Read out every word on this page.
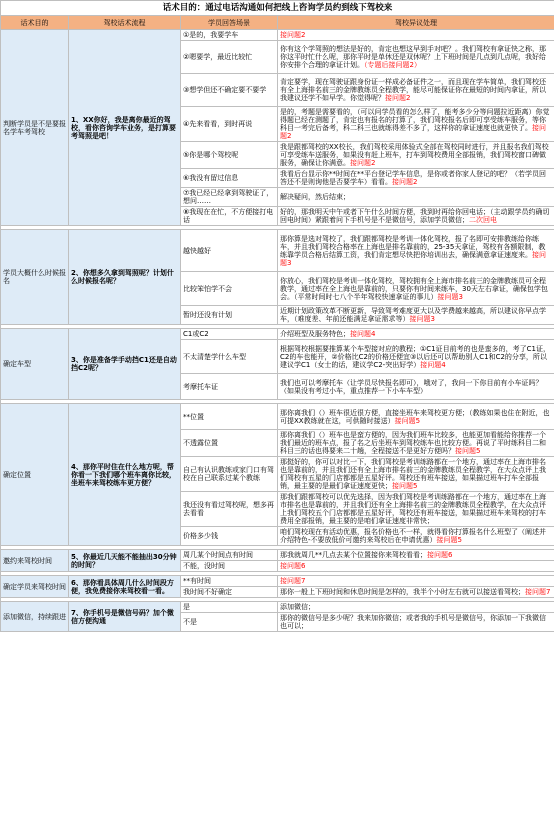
话术目的：通过电话沟通如何把线上咨询学员约到线下驾校来			
话术目的	驾校话术流程	学员回答场景	驾校异议处理
判断学员是不是要报名学车考驾校	1、XX你好，我是离你最近的驾校，看你咨询学车业务，是打算要考驾照是吧！	①是的，我要学车	接问题2
		②嗯要学，最近比较忙	你有这个学驾照的想法是好的，肯定也想这早到手对吧？。我们驾校有拿证快之称，那你这平时忙什么呢，那你平时是单休还是双休呢？上下班时间是几点到几点呢，我好给你安排个合理的拿证计划。（专题后接问题2）
		③想学但还不确定要不要学	肯定要学，现在驾驶证跟身份证一样成必备证件之一，而且现在学车简单，我们驾校还有全上海排名前三的金牌教练员全程教学，能尽可能保证你在最短的时间内拿证，所以我建议还学不如早学。你觉得呢？接问题2
		④先来看看，到时再说	是的，考题是需要看的，（可以问学员看的怎么样了，能考多少分等问题拉近距离）你觉得题已经在测题了，肯定也有报名的打算了，我们驾校报名后即可享受练车服务，等你科目一考完后备考，科二科三也就练得差不多了，这样你的拿证速度也就更快了。接问题2
		⑤你是哪个驾校呢	我是跟都驾校的XX校长，我们驾校采用体验式全部在驾校同时进行，并且报名我们驾校可享受练车送服务，如果没有赶上班车，打车到驾校费用全部报销，我们驾校窗口碑做服务，确保让你满意。接问题2
		⑥我没有留过信息	我看后台显示你**时间在**平台登记学车信息，是你或者你家人登记的吧？（若学员回答还不是则询他是否要学车）看看。接问题2
		⑦我已经已经拿到驾驶证了，想问……	解决疑问，然后结束；
		⑧我现在在忙，不方便接打电话	好的，那我明天中午或者下午什么时间方便，我到时再给你回电话；（主动跟学员约确切回电时间）紧跟着问下手机号是不是微信号，添加学员微信；二次回电

学员大概什么时候报名	2、你想多久拿到驾照呢？计划什么时候报名呢？	越快越好	那你算是选对驾校了，我们跟都驾校是考训一体化驾校，报了名即可安排教练给你练车，并且我们驾校合格率在上海也是排名靠前的，25-35天拿证，驾校有各额限制，教练靠学员合格后结算工资，我们肯定想尽快把你培训出去，确保满意拿证速度来。接问题3
		比较笨怕学不会	你放心，我们驾校是考训一体化驾校，驾校拥有全上海市排名前三的金牌教练员可全程教学，通过率在全上海也是靠前的，只要你有时间来练车，30天左右拿证，确保包学包会。（平常时间时七八个半年驾校快速拿证的事儿）接问题3
		暂时还没有计划	近期计划政策改革不断更新，导致驾考难度更大以及学费越来越高，所以建议你早点学车，（难度差、年前还能满足拿证需求等）接问题3

确定车型	3、你是准备学手动挡C1还是自动挡C2呢？	C1或C2	介绍班型及服务特色；接问题4
		不太清楚学什么车型	根据驾校根据要推算某个车型接对应的教程；①C1证目前考的也是蛮多的，考了C1证，C2的车也能开，②价格比C2的价格还便宜③以后还可以帮助别人C1和C2的分享，所以建议学C1（女士的话，建议学C2-突出好学）接问题4
		考摩托车证	我们也可以考摩托车（让学员尽快报名即可），哦对了，我问一下你目前有小车证吗？（如果没有考过小车，重点推荐一下小车车型）

确定位置	4、那你平时住在什么地方呢，帮你看一下我们哪个班车离你比较，坐班车来驾校练车更方便？	**位置	那你离我们（）班车很近很方便，直接坐班车来驾校更方便；（教练如果也住在附近，也可提XX教练就在这，可供随时接送）接问题5
		不透露位置	那你离我们（）班车也是蛮方便的，因为我们班车比较多，也能更加看能给你推荐一个我们最近的班车点，报了名之后坐班车到驾校练车也比较方便。再说了平时练科目二和科目三的话也得要来二十趟，全程接送不是更好方便吗？接问题5
		自己有认识教练或家门口有驾校在自己联系过某个教练	那挺好的，你可以对比一下，我们驾校是考训练路都在一个地方，通过率在上海市排名也是靠前的，并且我们还有全上海市排名前三的金牌教练员全程教学，在大众点评上我们驾校有五星的门店都都是五星好评。驾校还有班车接送，如果描过班车打车全部报销，最主要的是最们拿证速度更快；接问题5
		我还没有看过驾校呢，想多再去看看	那我们跟都驾校可以优先选择，因为我们驾校是考训练路都在一个地方，通过率在上海市排名也是靠前的，并且我们还有全上海排名前三的金牌教练员全程教学，在大众点评上我们驾校五个门店都都是五星好评，驾校还有班车接送，如果描过班车来驾校的打车费用全部报销，最主要的是咱们拿证速度非常快；
		价格多少钱	咱们驾校现在有活动优惠，报名价格也不一样，就得看你打算报名什么班型了（阐述并介绍特色-不要放低价可邀约来驾校后在申请优惠）接问题5

邀约来驾校时间	5、你最近几天能不能抽出30分钟的时间？	周几某个时间点有时间	那我就周几**几点去某个位置接你来驾校看看；接问题6
		不能，没时间	接问题6

确定学员来驾校时间	6、那你看具体周几什么时间段方便，我免费接你来驾校看一看。	**有时间	接问题7
		我时间不好确定	那你一般上下班时间和休息时间是怎样的，我半个小时左右就可以接送看驾校；接问题7

添加微信，持续跟进	7、你手机号是微信号码？加个微信方便沟通	是	添加微信；
		不是	那你的微信号是多少呢？我来加你微信；或者我的手机号是微信号，你添加一下我微信也可以；
